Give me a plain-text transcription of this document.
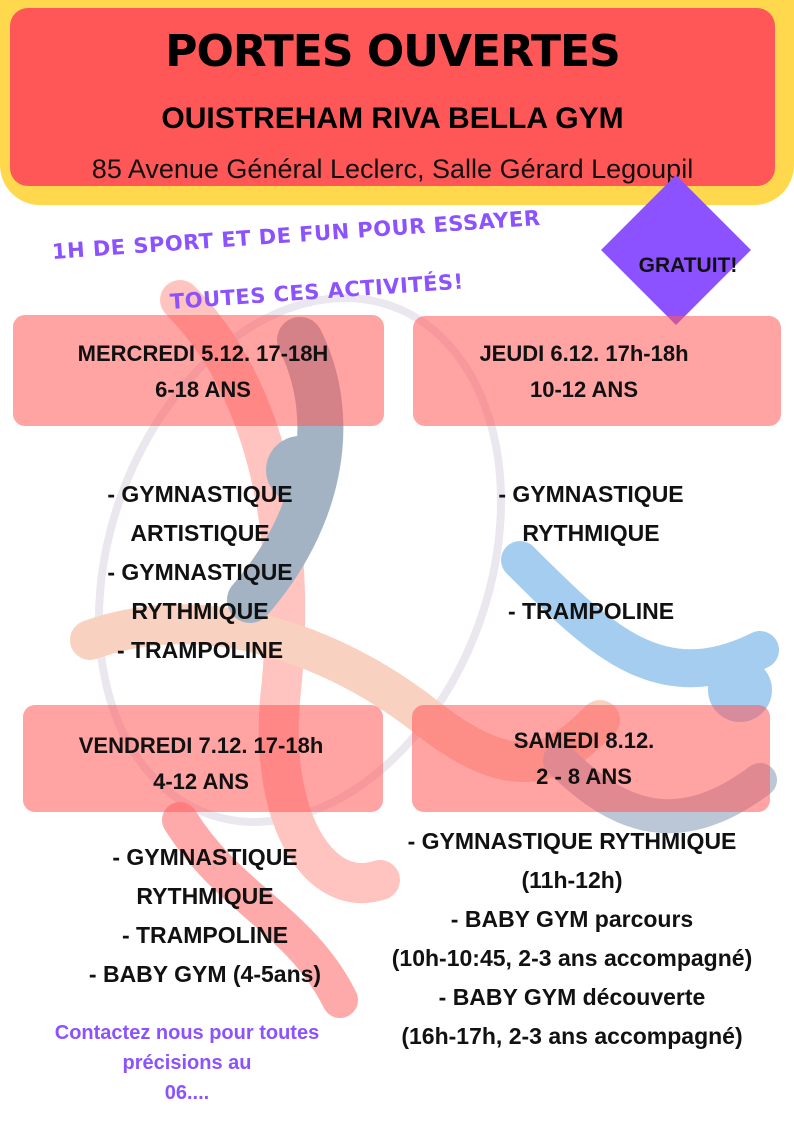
PORTES OUVERTES
OUISTREHAM RIVA BELLA GYM
85 Avenue Général Leclerc, Salle Gérard Legoupil
1H DE SPORT ET DE FUN POUR ESSAYER
TOUTES CES ACTIVITÉS!
GRATUIT!
MERCREDI 5.12. 17-18H
6-18 ANS
JEUDI 6.12. 17h-18h
10-12 ANS
VENDREDI 7.12. 17-18h
4-12 ANS
SAMEDI 8.12.
2 - 8 ANS
- GYMNASTIQUE
ARTISTIQUE
- GYMNASTIQUE
RYTHMIQUE
- TRAMPOLINE
- GYMNASTIQUE
RYTHMIQUE
- TRAMPOLINE
- GYMNASTIQUE
RYTHMIQUE
- TRAMPOLINE
- BABY GYM (4-5ans)
- GYMNASTIQUE RYTHMIQUE
(11h-12h)
- BABY GYM parcours
(10h-10:45, 2-3 ans accompagné)
- BABY GYM découverte
(16h-17h, 2-3 ans accompagné)
Contactez nous pour toutes
précisions au
06....
